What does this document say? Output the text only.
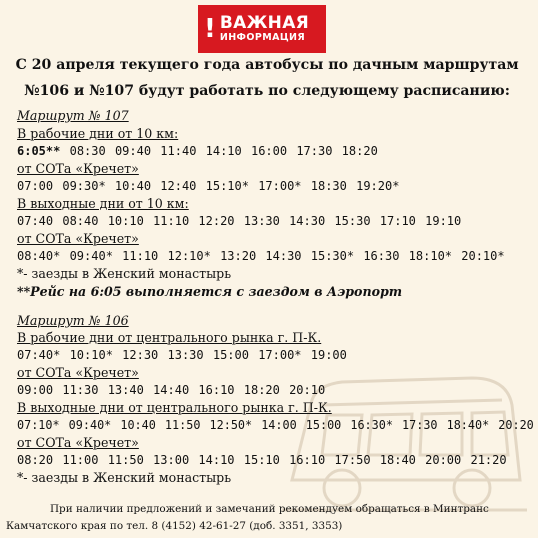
! ВАЖНАЯ
ИНФОРМАЦИЯ
С 20 апреля текущего года автобусы по дачным маршрутам
№106 и №107 будут работать по следующему расписанию:
Маршрут № 107
В рабочие дни от 10 км:
6:05** 08:30 09:40 11:40 14:10 16:00 17:30 18:20
от СОТа «Кречет»
07:00 09:30* 10:40 12:40 15:10* 17:00* 18:30 19:20*
В выходные дни от 10 км:
07:40 08:40 10:10 11:10 12:20 13:30 14:30 15:30 17:10 19:10
от СОТа «Кречет»
08:40* 09:40* 11:10 12:10* 13:20 14:30 15:30* 16:30 18:10* 20:10*
*- заезды в Женский монастырь
**Рейс на 6:05 выполняется с заездом в Аэропорт
Маршрут № 106
В рабочие дни от центрального рынка г. П-К.
07:40* 10:10* 12:30 13:30 15:00 17:00* 19:00
от СОТа «Кречет»
09:00 11:30 13:40 14:40 16:10 18:20 20:10
В выходные дни от центрального рынка г. П-К.
07:10* 09:40* 10:40 11:50 12:50* 14:00 15:00 16:30* 17:30 18:40* 20:20
от СОТа «Кречет»
08:20 11:00 11:50 13:00 14:10 15:10 16:10 17:50 18:40 20:00 21:20
*- заезды в Женский монастырь
При наличии предложений и замечаний рекомендуем обращаться в Минтранс
Камчатского края по тел. 8 (4152) 42-61-27 (доб. 3351, 3353)
